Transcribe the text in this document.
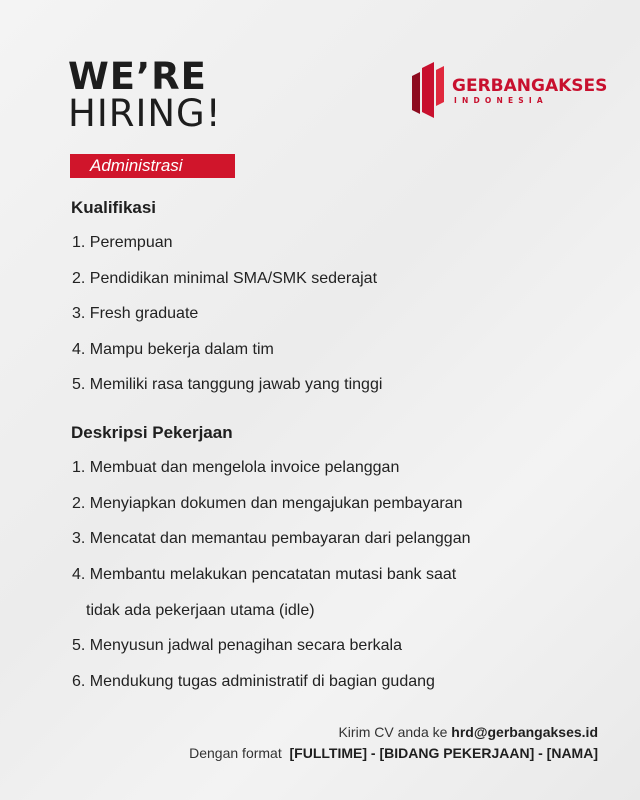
WE’RE
HIRING!
GERBANGAKSES
INDONESIA
Administrasi
Kualifikasi
1. Perempuan
2. Pendidikan minimal SMA/SMK sederajat
3. Fresh graduate
4. Mampu bekerja dalam tim
5. Memiliki rasa tanggung jawab yang tinggi
Deskripsi Pekerjaan
1. Membuat dan mengelola invoice pelanggan
2. Menyiapkan dokumen dan mengajukan pembayaran
3. Mencatat dan memantau pembayaran dari pelanggan
4. Membantu melakukan pencatatan mutasi bank saat
tidak ada pekerjaan utama (idle)
5. Menyusun jadwal penagihan secara berkala
6. Mendukung tugas administratif di bagian gudang
Kirim CV anda ke hrd@gerbangakses.id
Dengan format  [FULLTIME] - [BIDANG PEKERJAAN] - [NAMA]
